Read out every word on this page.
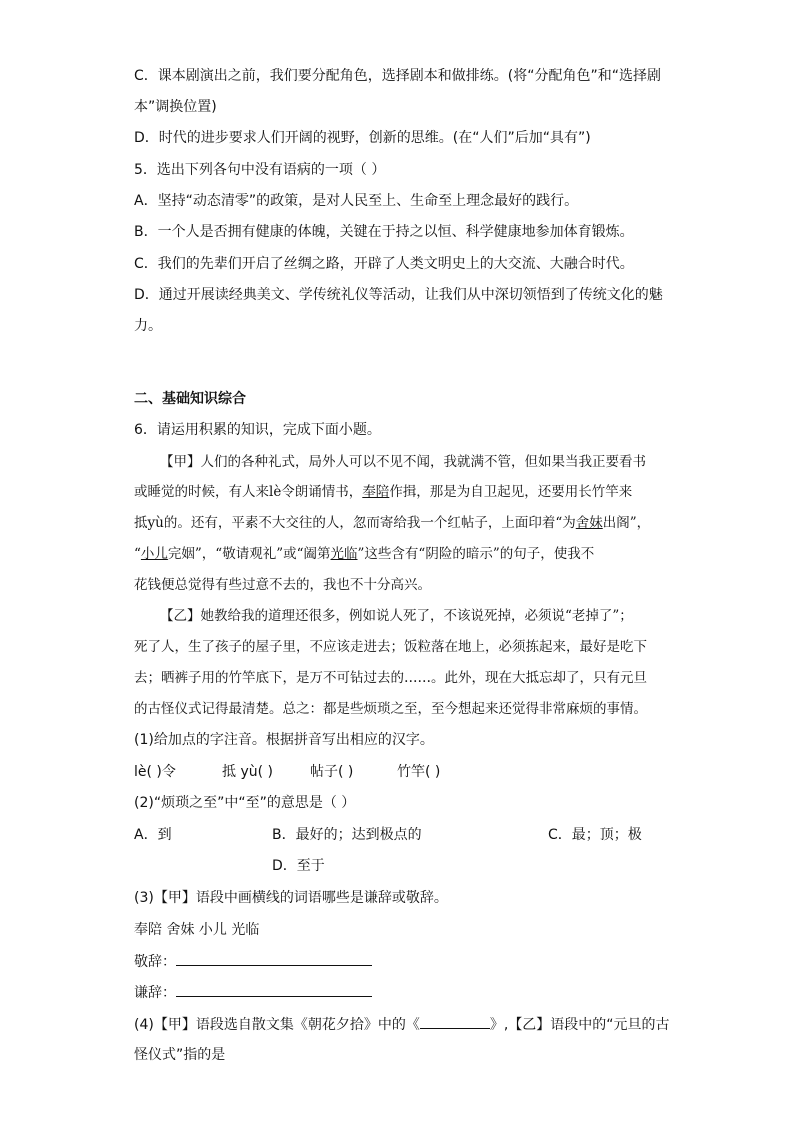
C．课本剧演出之前，我们要分配角色，选择剧本和做排练。(将“分配角色”和“选择剧
本”调换位置)
D．时代的进步要求人们开阔的视野，创新的思维。(在“人们”后加“具有”)
5．选出下列各句中没有语病的一项（ ）
A．坚持“动态清零”的政策，是对人民至上、生命至上理念最好的践行。
B．一个人是否拥有健康的体魄，关键在于持之以恒、科学健康地参加体育锻炼。
C．我们的先辈们开启了丝绸之路，开辟了人类文明史上的大交流、大融合时代。
D．通过开展读经典美文、学传统礼仪等活动，让我们从中深切领悟到了传统文化的魅
力。
二、基础知识综合
6．请运用积累的知识，完成下面小题。
【甲】人们的各种礼式，局外人可以不见不闻，我就满不管，但如果当我正要看书
或睡觉的时候，有人来lè令朗诵情书，奉陪作揖，那是为自卫起见，还要用长竹竿来
抵yù的。还有，平素不大交往的人，忽而寄给我一个红帖子，上面印着“为舍妹出阁”，
“小儿完姻”，“敬请观礼”或“阖第光临”这些含有“阴险的暗示”的句子，使我不
花钱便总觉得有些过意不去的，我也不十分高兴。
【乙】她教给我的道理还很多，例如说人死了，不该说死掉，必须说“老掉了”；
死了人，生了孩子的屋子里，不应该走进去；饭粒落在地上，必须拣起来，最好是吃下
去；晒裤子用的竹竿底下，是万不可钻过去的……。此外，现在大抵忘却了，只有元旦
的古怪仪式记得最清楚。总之：都是些烦琐之至，至今想起来还觉得非常麻烦的事情。
(1)给加点的字注音。根据拼音写出相应的汉字。
lè( )令	抵 yù( )	帖子( )	竹竿( )
(2)“烦琐之至”中“至”的意思是（ ）
A．到	B．最好的；达到极点的	C．最；顶；极
D．至于
(3)【甲】语段中画横线的词语哪些是谦辞或敬辞。
奉陪 舍妹 小儿 光临
敬辞：
谦辞：
(4)【甲】语段选自散文集《朝花夕拾》中的《	》,【乙】语段中的“元旦的古
怪仪式”指的是
